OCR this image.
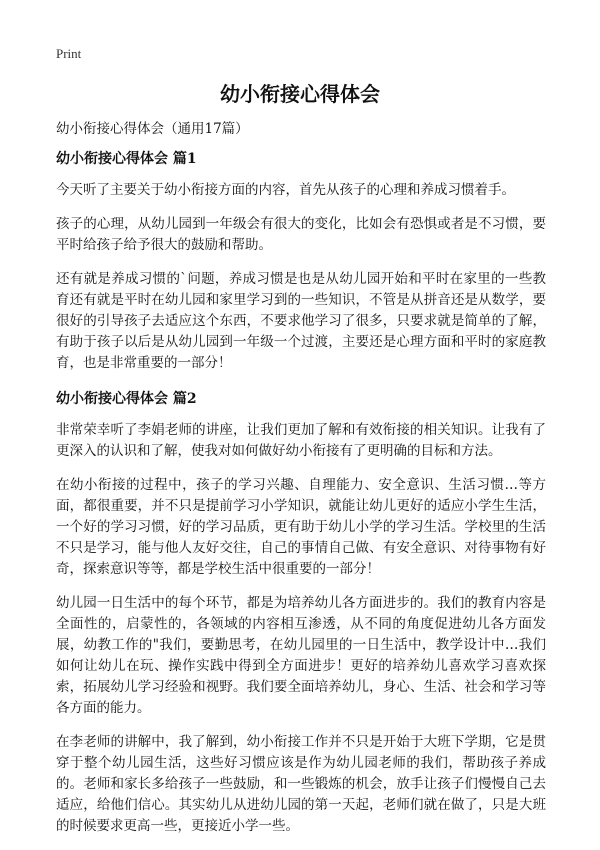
Print
幼小衔接心得体会

幼小衔接心得体会（通用17篇）

幼小衔接心得体会 篇1

今天听了主要关于幼小衔接方面的内容，首先从孩子的心理和养成习惯着手。

孩子的心理，从幼儿园到一年级会有很大的变化，比如会有恐惧或者是不习惯，要平时给孩子给予很大的鼓励和帮助。

还有就是养成习惯的`问题，养成习惯是也是从幼儿园开始和平时在家里的一些教育还有就是平时在幼儿园和家里学习到的一些知识，不管是从拼音还是从数学，要很好的引导孩子去适应这个东西，不要求他学习了很多，只要求就是简单的了解，有助于孩子以后是从幼儿园到一年级一个过渡，主要还是心理方面和平时的家庭教育，也是非常重要的一部分！

幼小衔接心得体会 篇2

非常荣幸听了李娟老师的讲座，让我们更加了解和有效衔接的相关知识。让我有了更深入的认识和了解，使我对如何做好幼小衔接有了更明确的目标和方法。

在幼小衔接的过程中，孩子的学习兴趣、自理能力、安全意识、生活习惯…等方面，都很重要，并不只是提前学习小学知识，就能让幼儿更好的适应小学生生活，一个好的学习习惯，好的学习品质，更有助于幼儿小学的学习生活。学校里的生活不只是学习，能与他人友好交往，自己的事情自己做、有安全意识、对待事物有好奇，探索意识等等，都是学校生活中很重要的一部分！

幼儿园一日生活中的每个环节，都是为培养幼儿各方面进步的。我们的教育内容是全面性的，启蒙性的，各领域的内容相互渗透，从不同的角度促进幼儿各方面发展，幼教工作的"我们，要勤思考，在幼儿园里的一日生活中，教学设计中…我们如何让幼儿在玩、操作实践中得到全方面进步！更好的培养幼儿喜欢学习喜欢探索，拓展幼儿学习经验和视野。我们要全面培养幼儿，身心、生活、社会和学习等各方面的能力。

在李老师的讲解中，我了解到，幼小衔接工作并不只是开始于大班下学期，它是贯穿于整个幼儿园生活，这些好习惯应该是作为幼儿园老师的我们，帮助孩子养成的。老师和家长多给孩子一些鼓励，和一些锻炼的机会，放手让孩子们慢慢自己去适应，给他们信心。其实幼儿从进幼儿园的第一天起，老师们就在做了，只是大班的时候要求更高一些，更接近小学一些。
